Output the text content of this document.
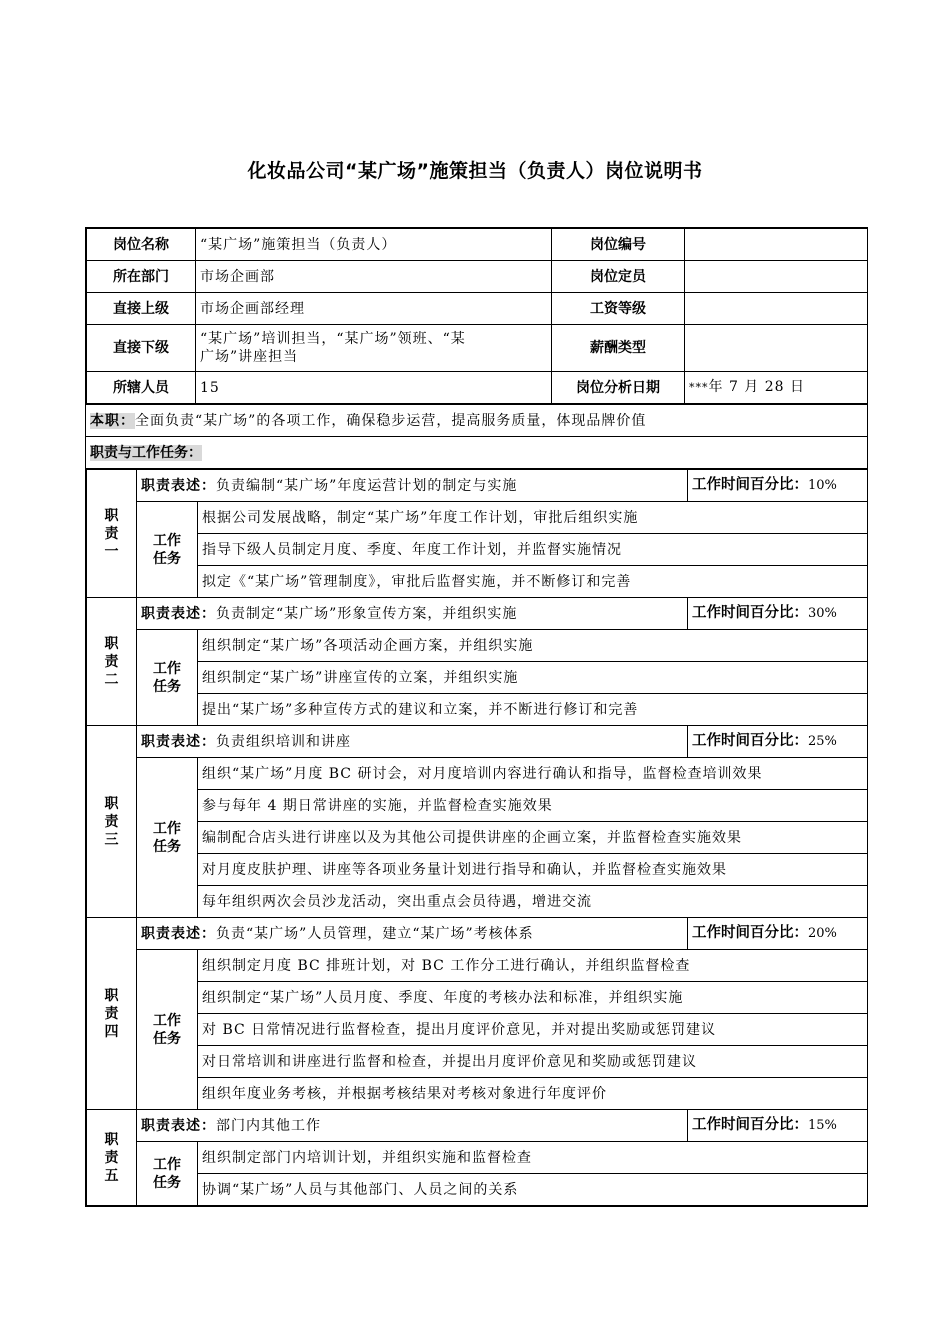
化妆品公司“某广场”施策担当（负责人）岗位说明书
岗位名称	“某广场”施策担当（负责人）	岗位编号	
所在部门	市场企画部	岗位定员	
直接上级	市场企画部经理	工资等级	
直接下级	“某广场”培训担当，“某广场”领班、“某
广场”讲座担当	薪酬类型	
所辖人员	15	岗位分析日期	***年 7 月 28 日
本职：全面负责“某广场”的各项工作，确保稳步运营，提高服务质量，体现品牌价值
职责与工作任务：
职
责
一	职责表述：负责编制“某广场”年度运营计划的制定与实施		工作时间百分比：10%

	工作
任务	根据公司发展战略，制定“某广场”年度工作计划，审批后组织实施	
		指导下级人员制定月度、季度、年度工作计划，并监督实施情况	
		拟定《“某广场”管理制度》，审批后监督实施，并不断修订和完善	

职
责
二	职责表述：负责制定“某广场”形象宣传方案，并组织实施		工作时间百分比：30%

	工作
任务	组织制定“某广场”各项活动企画方案，并组织实施	
		组织制定“某广场”讲座宣传的立案，并组织实施	
		提出“某广场”多种宣传方式的建议和立案，并不断进行修订和完善	

职
责
三	职责表述：负责组织培训和讲座		工作时间百分比：25%

	工作
任务	组织“某广场”月度 BC 研讨会，对月度培训内容进行确认和指导，监督检查培训效果	
		参与每年 4 期日常讲座的实施，并监督检查实施效果	
		编制配合店头进行讲座以及为其他公司提供讲座的企画立案，并监督检查实施效果	
		对月度皮肤护理、讲座等各项业务量计划进行指导和确认，并监督检查实施效果	
		每年组织两次会员沙龙活动，突出重点会员待遇，增进交流	

职
责
四	职责表述：负责“某广场”人员管理，建立“某广场”考核体系		工作时间百分比：20%

	工作
任务	组织制定月度 BC 排班计划，对 BC 工作分工进行确认，并组织监督检查	
		组织制定“某广场”人员月度、季度、年度的考核办法和标准，并组织实施	
		对 BC 日常情况进行监督检查，提出月度评价意见，并对提出奖励或惩罚建议	
		对日常培训和讲座进行监督和检查，并提出月度评价意见和奖励或惩罚建议	
		组织年度业务考核，并根据考核结果对考核对象进行年度评价	

职
责
五	职责表述：部门内其他工作		工作时间百分比：15%

	工作
任务	组织制定部门内培训计划，并组织实施和监督检查	
		协调“某广场”人员与其他部门、人员之间的关系	
